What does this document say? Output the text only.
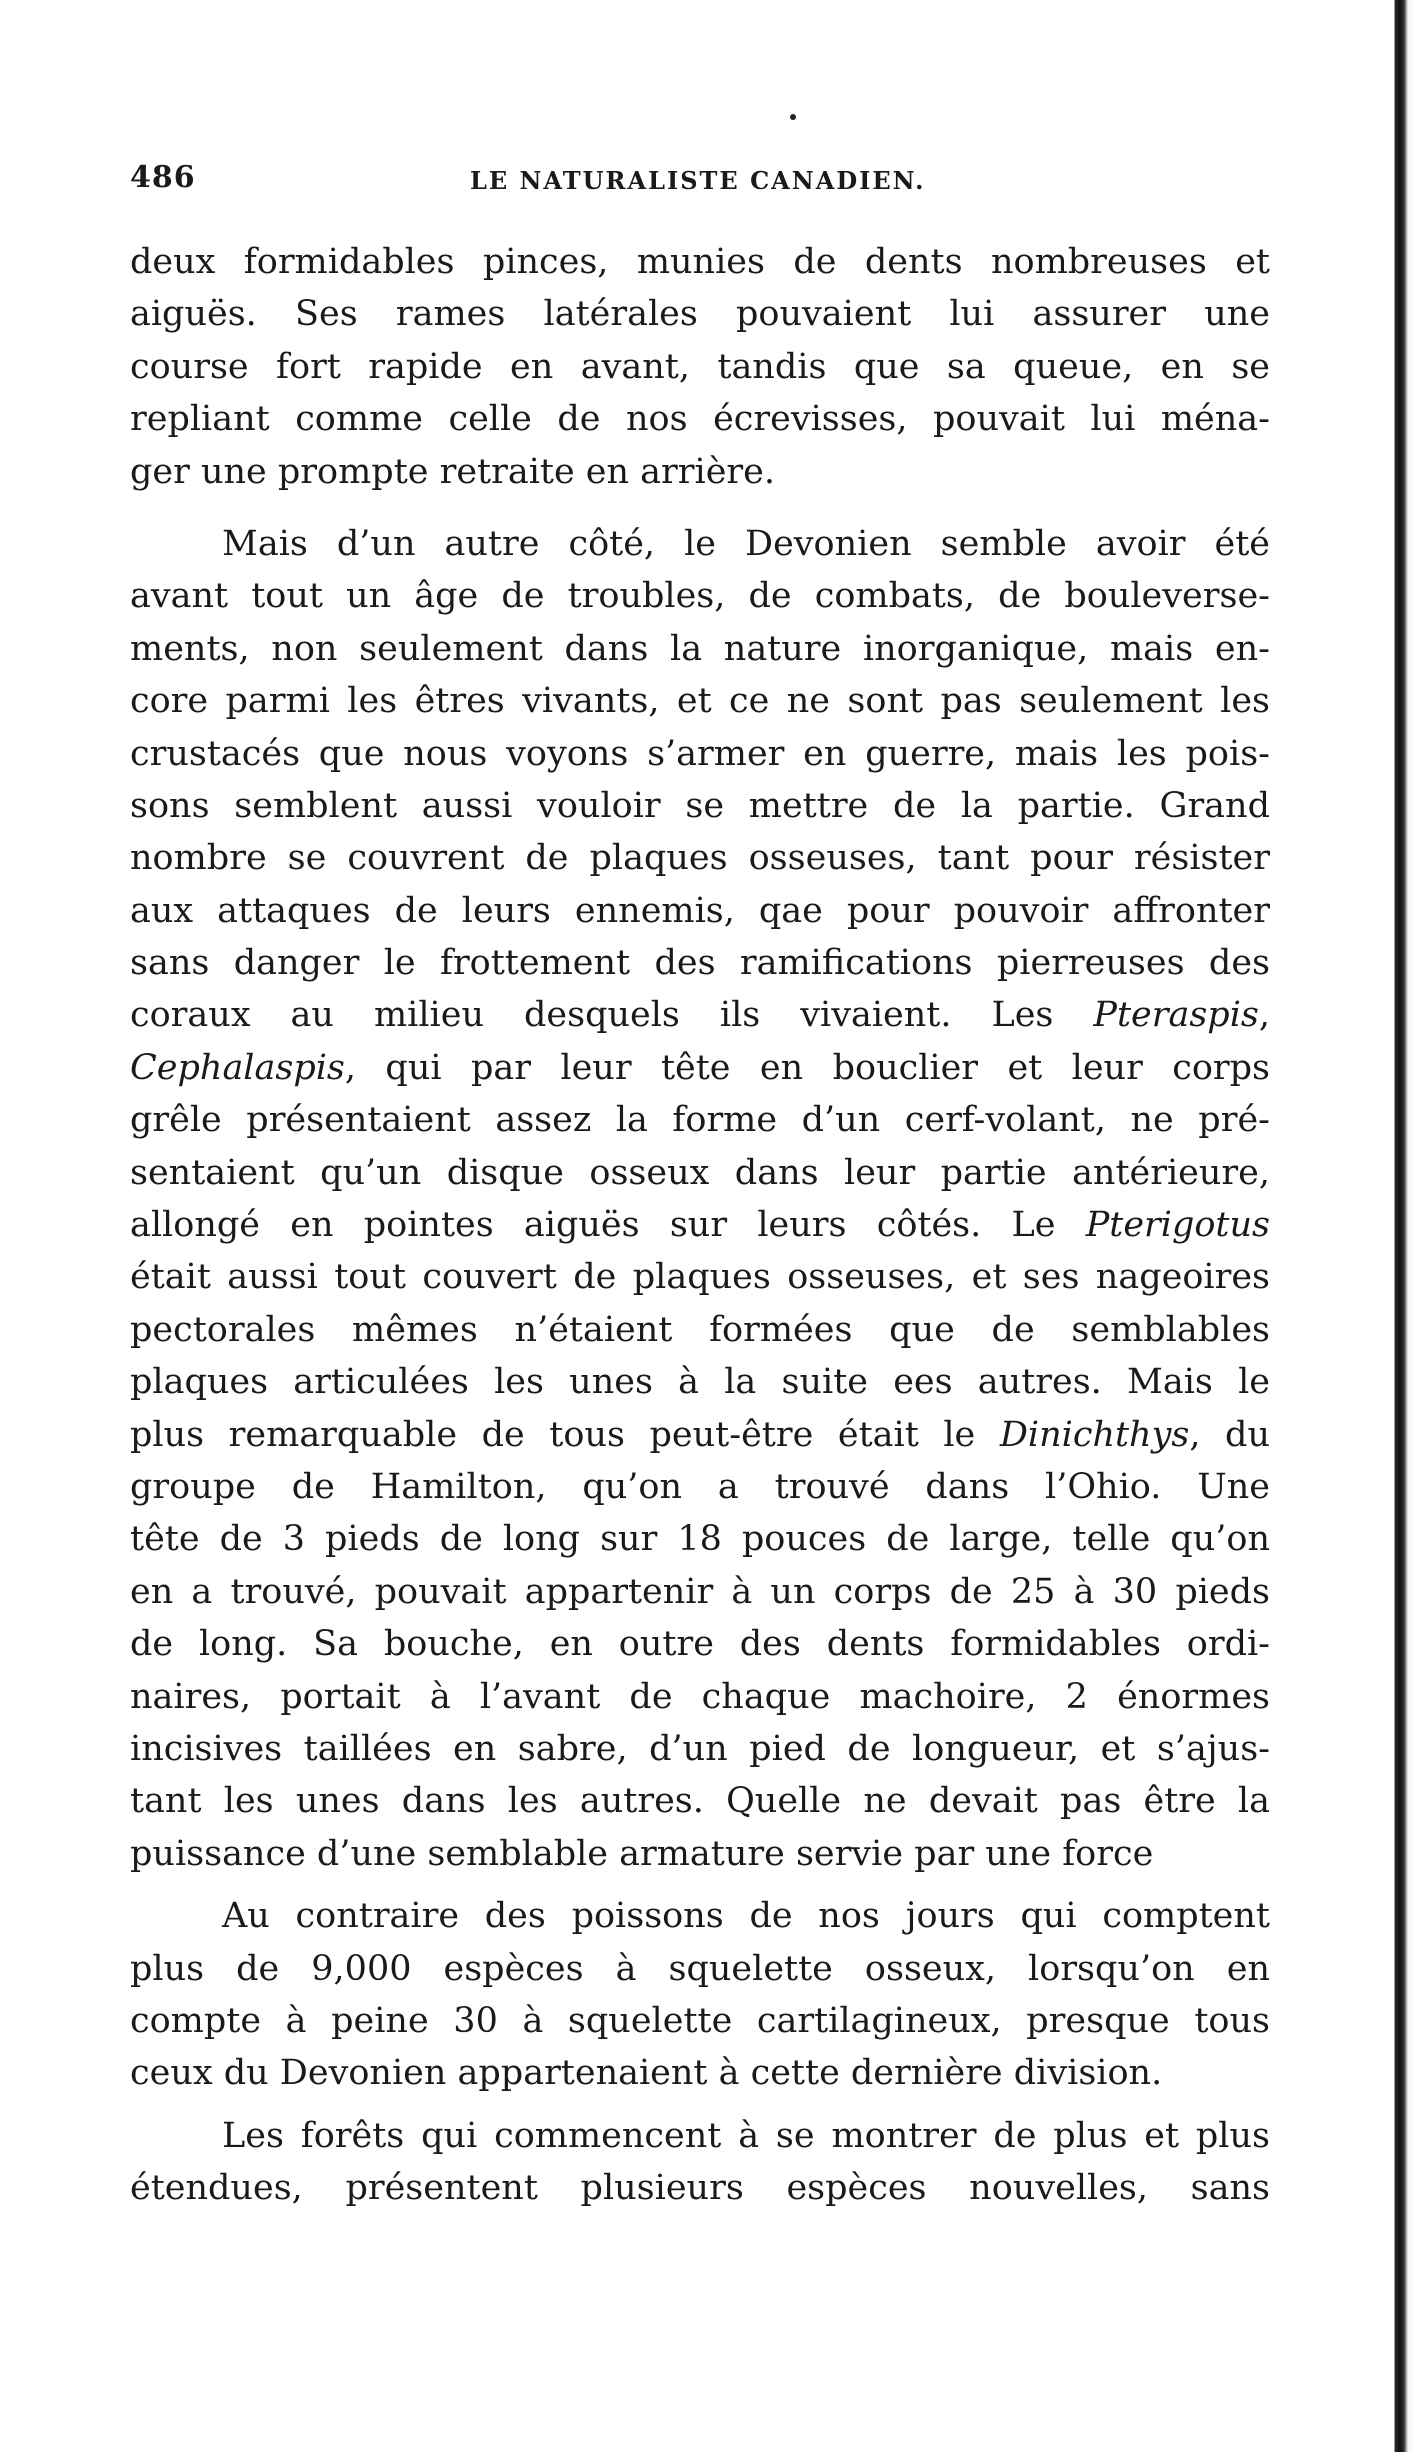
486	LE NATURALISTE CANADIEN.
deux formidables pinces, munies de dents nombreuses et
aiguës. Ses rames latérales pouvaient lui assurer une
course fort rapide en avant, tandis que sa queue, en se
repliant comme celle de nos écrevisses, pouvait lui ména-
ger une prompte retraite en arrière.
Mais d’un autre côté, le Devonien semble avoir été
avant tout un âge de troubles, de combats, de bouleverse-
ments, non seulement dans la nature inorganique, mais en-
core parmi les êtres vivants, et ce ne sont pas seulement les
crustacés que nous voyons s’armer en guerre, mais les pois-
sons semblent aussi vouloir se mettre de la partie. Grand
nombre se couvrent de plaques osseuses, tant pour résister
aux attaques de leurs ennemis, qae pour pouvoir affronter
sans danger le frottement des ramifications pierreuses des
coraux au milieu desquels ils vivaient. Les Pteraspis,
Cephalaspis, qui par leur tête en bouclier et leur corps
grêle présentaient assez la forme d’un cerf-volant, ne pré-
sentaient qu’un disque osseux dans leur partie antérieure,
allongé en pointes aiguës sur leurs côtés. Le Pterigotus
était aussi tout couvert de plaques osseuses, et ses nageoires
pectorales mêmes n’étaient formées que de semblables
plaques articulées les unes à la suite ees autres. Mais le
plus remarquable de tous peut-être était le Dinichthys, du
groupe de Hamilton, qu’on a trouvé dans l’Ohio. Une
tête de 3 pieds de long sur 18 pouces de large, telle qu’on
en a trouvé, pouvait appartenir à un corps de 25 à 30 pieds
de long. Sa bouche, en outre des dents formidables ordi-
naires, portait à l’avant de chaque machoire, 2 énormes
incisives taillées en sabre, d’un pied de longueur, et s’ajus-
tant les unes dans les autres. Quelle ne devait pas être la
puissance d’une semblable armature servie par une force
Au contraire des poissons de nos jours qui comptent
plus de 9,000 espèces à squelette osseux, lorsqu’on en
compte à peine 30 à squelette cartilagineux, presque tous
ceux du Devonien appartenaient à cette dernière division.
Les forêts qui commencent à se montrer de plus et plus
étendues, présentent plusieurs espèces nouvelles, sans
